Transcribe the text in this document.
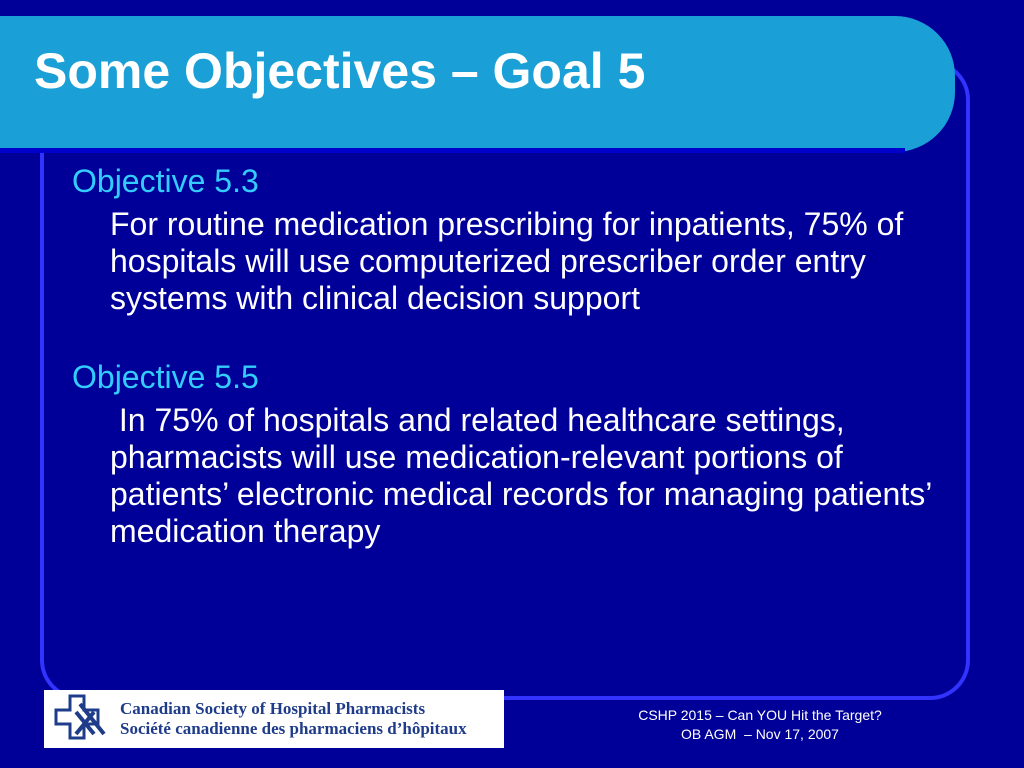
Some Objectives – Goal 5

Objective 5.3

For routine medication prescribing for inpatients, 75% of hospitals will use computerized prescriber order entry systems with clinical decision support

Objective 5.5

In 75% of hospitals and related healthcare settings, pharmacists will use medication-relevant portions of patients’ electronic medical records for managing patients’ medication therapy

Canadian Society of Hospital Pharmacists
Société canadienne des pharmaciens d’hôpitaux
CSHP 2015 – Can YOU Hit the Target?
OB AGM  – Nov 17, 2007
